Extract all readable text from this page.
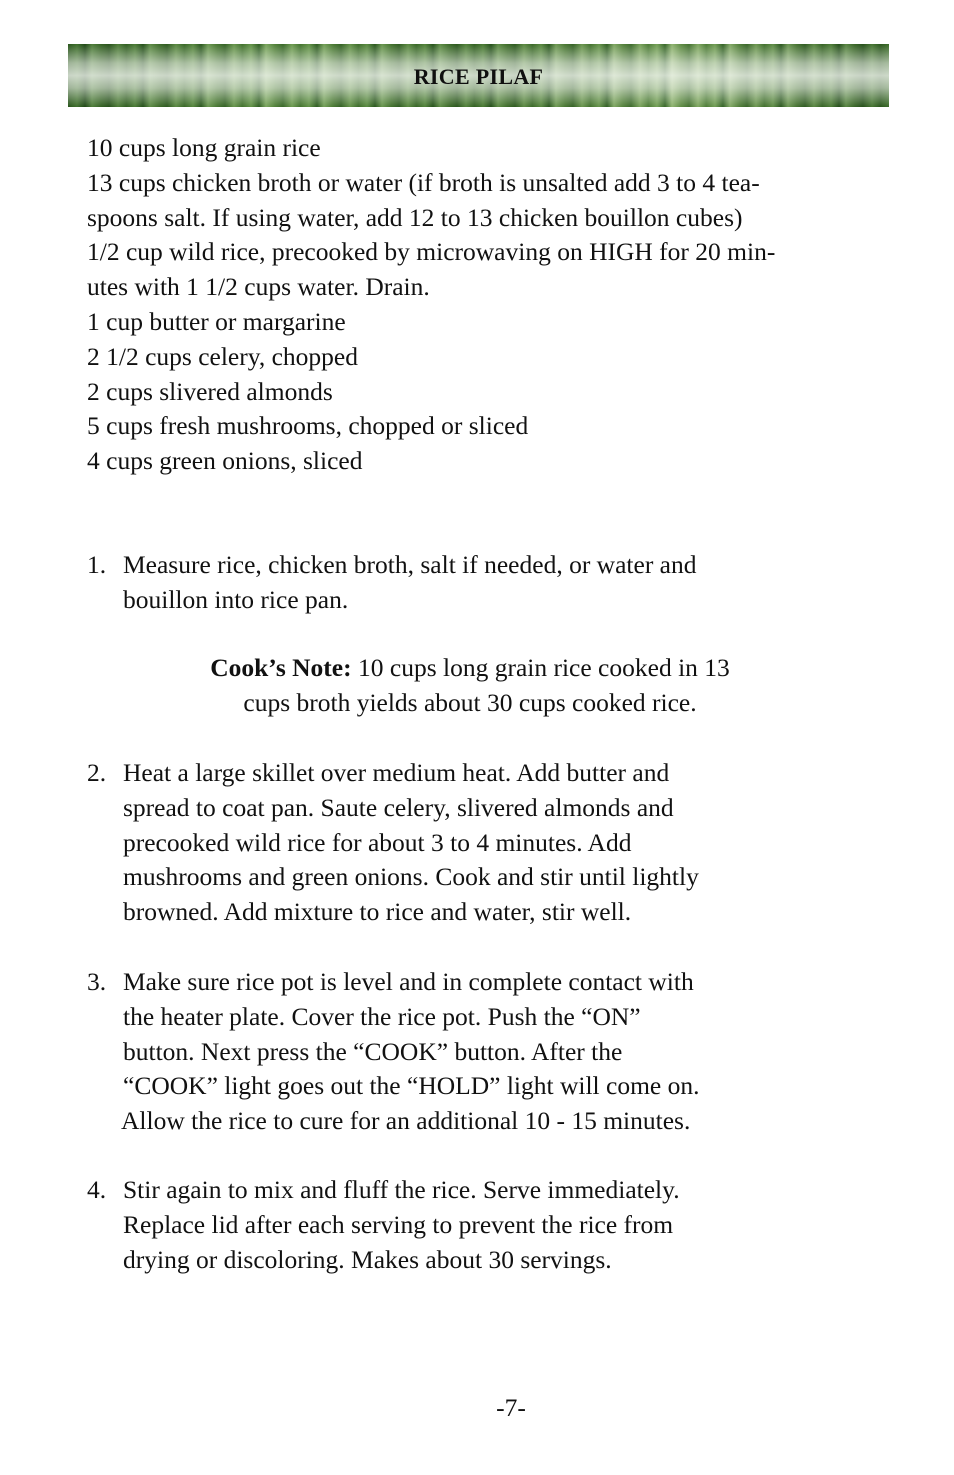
RICE PILAF
10 cups long grain rice
13 cups chicken broth or water (if broth is unsalted add 3 to 4 tea-
spoons salt. If using water, add 12 to 13 chicken bouillon cubes)
1/2 cup wild rice, precooked by microwaving on HIGH for 20 min-
utes with 1 1/2 cups water. Drain.
1 cup butter or margarine
2 1/2 cups celery, chopped
2 cups slivered almonds
5 cups fresh mushrooms, chopped or sliced
4 cups green onions, sliced
1. Measure rice, chicken broth, salt if needed, or water and
bouillon into rice pan.
Cook’s Note: 10 cups long grain rice cooked in 13
cups broth yields about 30 cups cooked rice.
2. Heat a large skillet over medium heat. Add butter and
spread to coat pan. Saute celery, slivered almonds and
precooked wild rice for about 3 to 4 minutes. Add
mushrooms and green onions. Cook and stir until lightly
browned. Add mixture to rice and water, stir well.
3. Make sure rice pot is level and in complete contact with
the heater plate. Cover the rice pot. Push the “ON”
button. Next press the “COOK” button. After the
“COOK” light goes out the “HOLD” light will come on.
Allow the rice to cure for an additional 10 - 15 minutes.
4. Stir again to mix and fluff the rice. Serve immediately.
Replace lid after each serving to prevent the rice from
drying or discoloring. Makes about 30 servings.
-7-
